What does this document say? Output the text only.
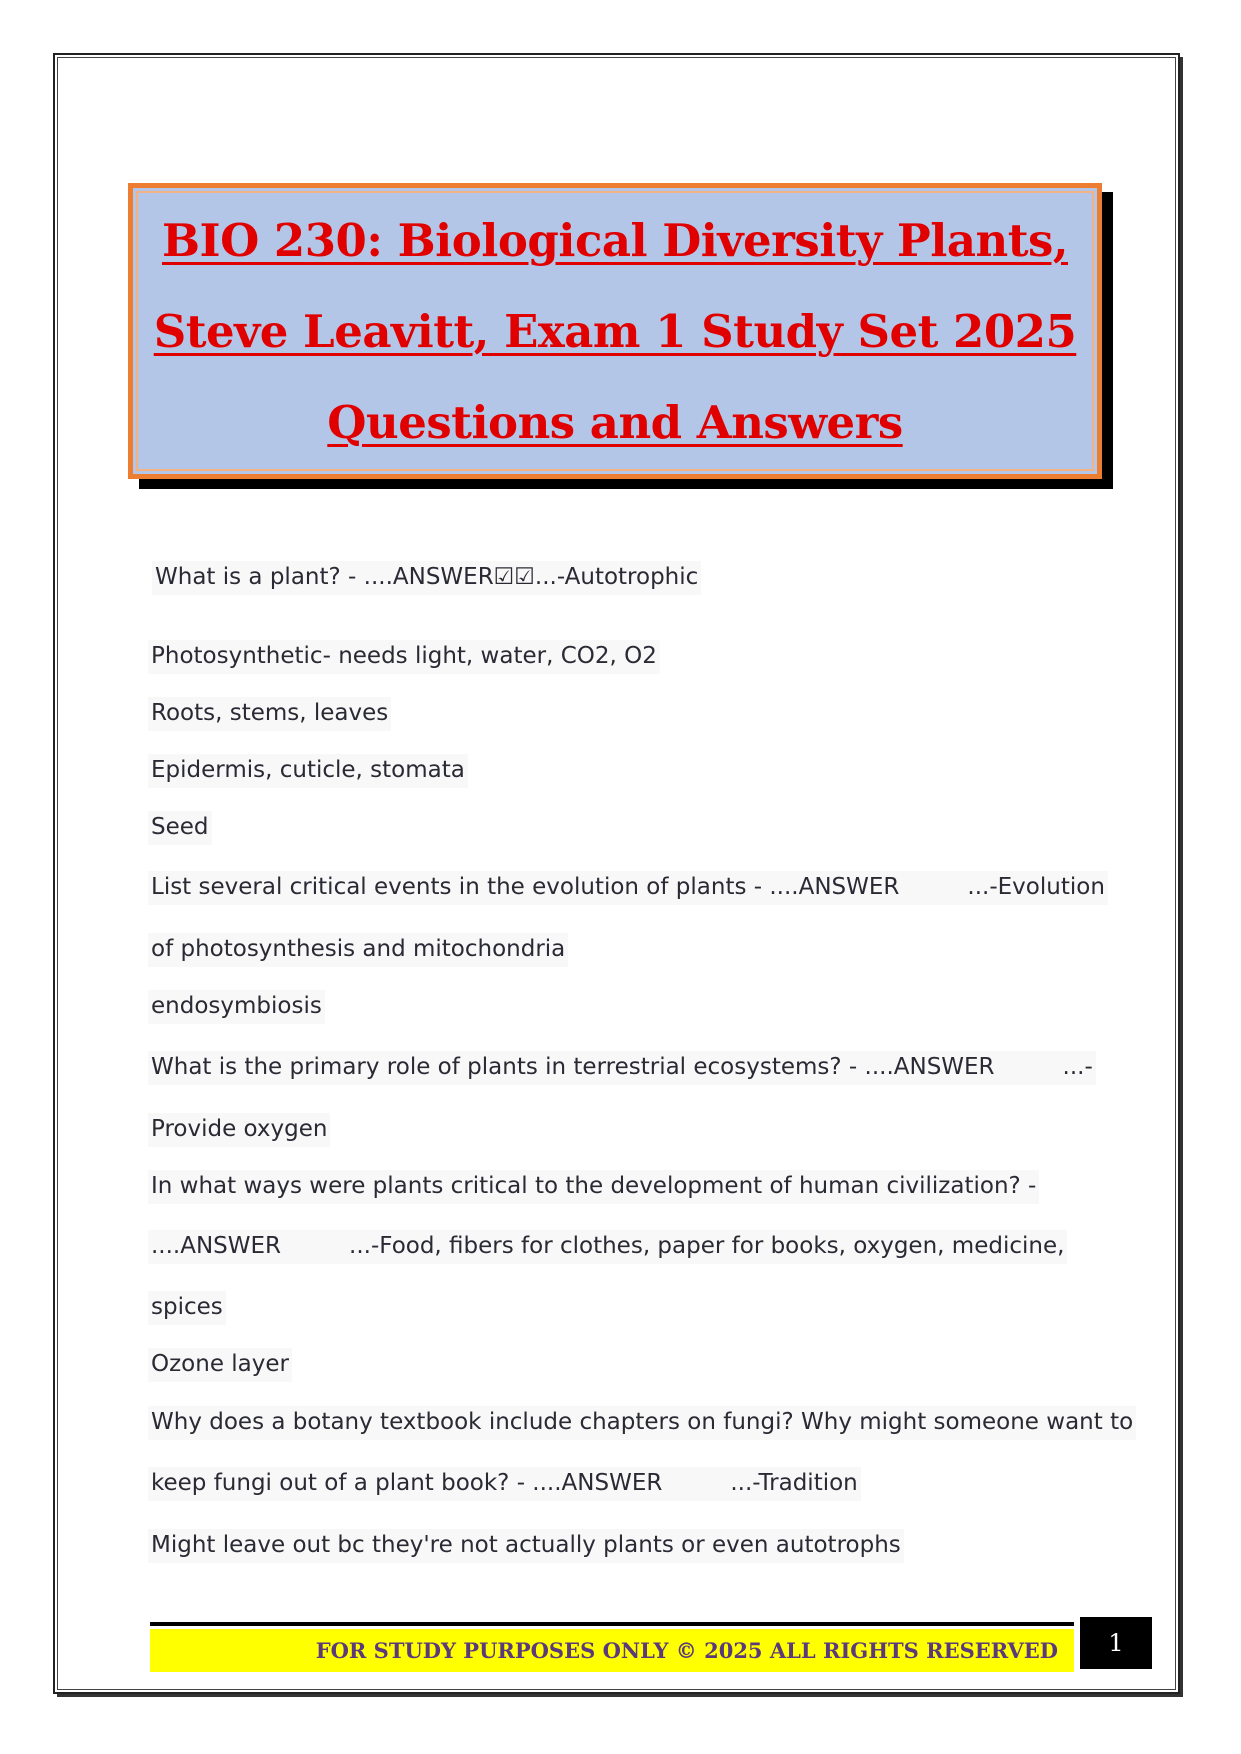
BIO 230: Biological Diversity Plants,
Steve Leavitt, Exam 1 Study Set 2025
Questions and Answers
What is a plant? - ....ANSWER☑☑...-Autotrophic
Photosynthetic- needs light, water, CO2, O2
Roots, stems, leaves
Epidermis, cuticle, stomata
Seed
List several critical events in the evolution of plants - ....ANSWER	...-Evolution
of photosynthesis and mitochondria
endosymbiosis
What is the primary role of plants in terrestrial ecosystems? - ....ANSWER	...-
Provide oxygen
In what ways were plants critical to the development of human civilization? -
....ANSWER	...-Food, fibers for clothes, paper for books, oxygen, medicine,
spices
Ozone layer
Why does a botany textbook include chapters on fungi? Why might someone want to
keep fungi out of a plant book? - ....ANSWER	...-Tradition
Might leave out bc they're not actually plants or even autotrophs
FOR STUDY PURPOSES ONLY © 2025 ALL RIGHTS RESERVED 1
